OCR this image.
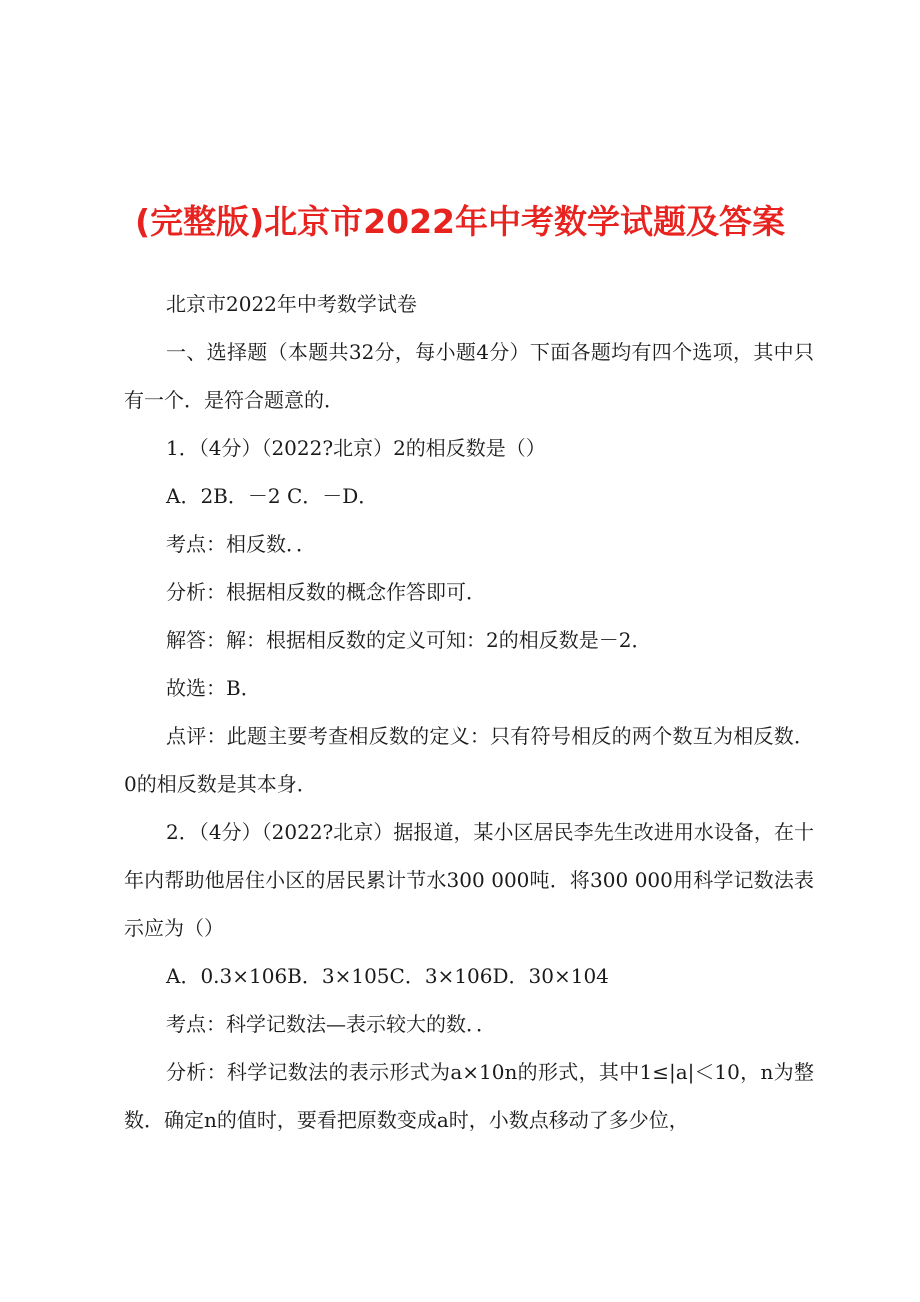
(完整版)北京市2022年中考数学试题及答案

北京市2022年中考数学试卷

一、选择题（本题共32分，每小题4分）下面各题均有四个选项，其中只有一个．是符合题意的．

1．（4分）（2022?北京）2的相反数是（）

A．2B．－2 C．－D．

考点：相反数．．

分析：根据相反数的概念作答即可．

解答：解：根据相反数的定义可知：2的相反数是－2．

故选：B．

点评：此题主要考查相反数的定义：只有符号相反的两个数互为相反数．0的相反数是其本身．

2．（4分）（2022?北京）据报道，某小区居民李先生改进用水设备，在十年内帮助他居住小区的居民累计节水300 000吨．将300 000用科学记数法表示应为（）

A．0.3×106B．3×105C．3×106D．30×104

考点：科学记数法—表示较大的数．．

分析：科学记数法的表示形式为a×10n的形式，其中1≤|a|＜10，n为整数．确定n的值时，要看把原数变成a时，小数点移动了多少位，
